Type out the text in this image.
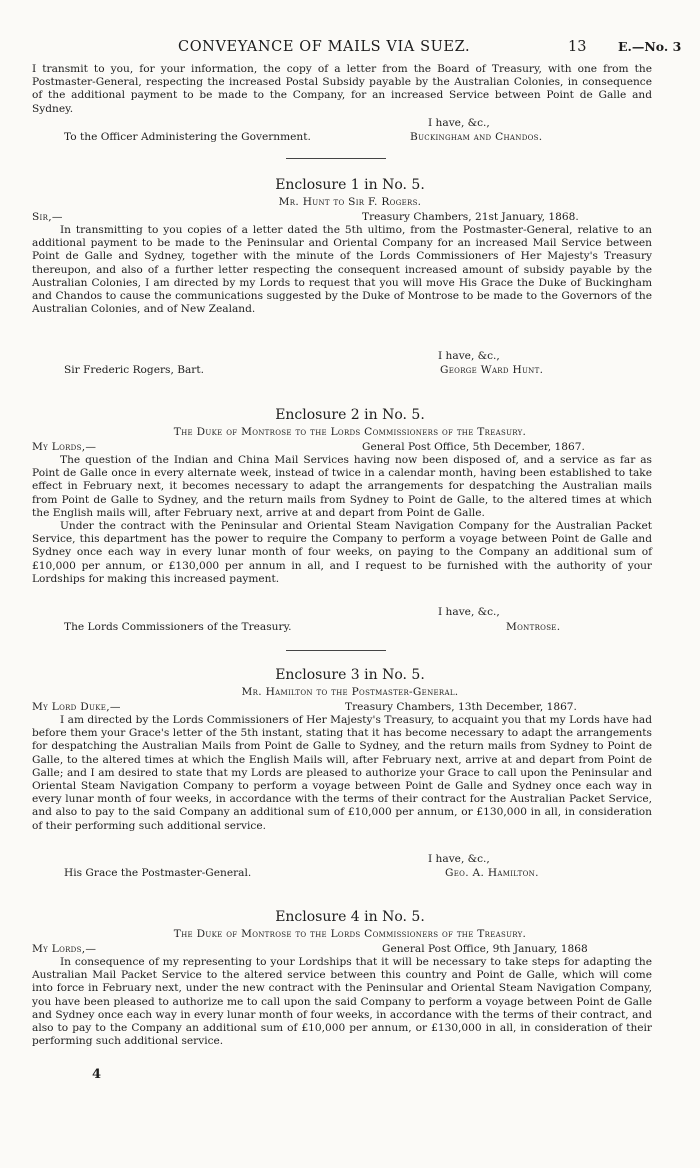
CONVEYANCE OF MAILS VIA SUEZ.	13	E.—No. 3

I transmit to you, for your information, the copy of a letter from the Board of Treasury, with one from the Postmaster-General, respecting the increased Postal Subsidy payable by the Australian Colonies, in consequence of the additional payment to be made to the Company, for an increased Service between Point de Galle and Sydney.

I have, &c.,
To the Officer Administering the Government.	Buckingham and Chandos.
Enclosure 1 in No. 5.
Mr. Hunt to Sir F. Rogers.
Sir,—	Treasury Chambers, 21st January, 1868.

In transmitting to you copies of a letter dated the 5th ultimo, from the Postmaster-General, relative to an additional payment to be made to the Peninsular and Oriental Company for an increased Mail Service between Point de Galle and Sydney, together with the minute of the Lords Commissioners of Her Majesty's Treasury thereupon, and also of a further letter respecting the consequent increased amount of subsidy payable by the Australian Colonies, I am directed by my Lords to request that you will move His Grace the Duke of Buckingham and Chandos to cause the communications suggested by the Duke of Montrose to be made to the Governors of the Australian Colonies, and of New Zealand.

I have, &c.,
Sir Frederic Rogers, Bart.	George Ward Hunt.
Enclosure 2 in No. 5.
The Duke of Montrose to the Lords Commissioners of the Treasury.
My Lords,—	General Post Office, 5th December, 1867.

The question of the Indian and China Mail Services having now been disposed of, and a service as far as Point de Galle once in every alternate week, instead of twice in a calendar month, having been established to take effect in February next, it becomes necessary to adapt the arrangements for despatching the Australian mails from Point de Galle to Sydney, and the return mails from Sydney to Point de Galle, to the altered times at which the English mails will, after February next, arrive at and depart from Point de Galle.

Under the contract with the Peninsular and Oriental Steam Navigation Company for the Australian Packet Service, this department has the power to require the Company to perform a voyage between Point de Galle and Sydney once each way in every lunar month of four weeks, on paying to the Company an additional sum of £10,000 per annum, or £130,000 per annum in all, and I request to be furnished with the authority of your Lordships for making this increased payment.

I have, &c.,
The Lords Commissioners of the Treasury.	Montrose.
Enclosure 3 in No. 5.
Mr. Hamilton to the Postmaster-General.
My Lord Duke,—	Treasury Chambers, 13th December, 1867.

I am directed by the Lords Commissioners of Her Majesty's Treasury, to acquaint you that my Lords have had before them your Grace's letter of the 5th instant, stating that it has become necessary to adapt the arrangements for despatching the Australian Mails from Point de Galle to Sydney, and the return mails from Sydney to Point de Galle, to the altered times at which the English Mails will, after February next, arrive at and depart from Point de Galle; and I am desired to state that my Lords are pleased to authorize your Grace to call upon the Peninsular and Oriental Steam Navigation Company to perform a voyage between Point de Galle and Sydney once each way in every lunar month of four weeks, in accordance with the terms of their contract for the Australian Packet Service, and also to pay to the said Company an additional sum of £10,000 per annum, or £130,000 in all, in consideration of their performing such additional service.

I have, &c.,
His Grace the Postmaster-General.	Geo. A. Hamilton.
Enclosure 4 in No. 5.
The Duke of Montrose to the Lords Commissioners of the Treasury.
My Lords,—	General Post Office, 9th January, 1868

In consequence of my representing to your Lordships that it will be necessary to take steps for adapting the Australian Mail Packet Service to the altered service between this country and Point de Galle, which will come into force in February next, under the new contract with the Peninsular and Oriental Steam Navigation Company, you have been pleased to authorize me to call upon the said Company to perform a voyage between Point de Galle and Sydney once each way in every lunar month of four weeks, in accordance with the terms of their contract, and also to pay to the Company an additional sum of £10,000 per annum, or £130,000 in all, in consideration of their performing such additional service.

4
